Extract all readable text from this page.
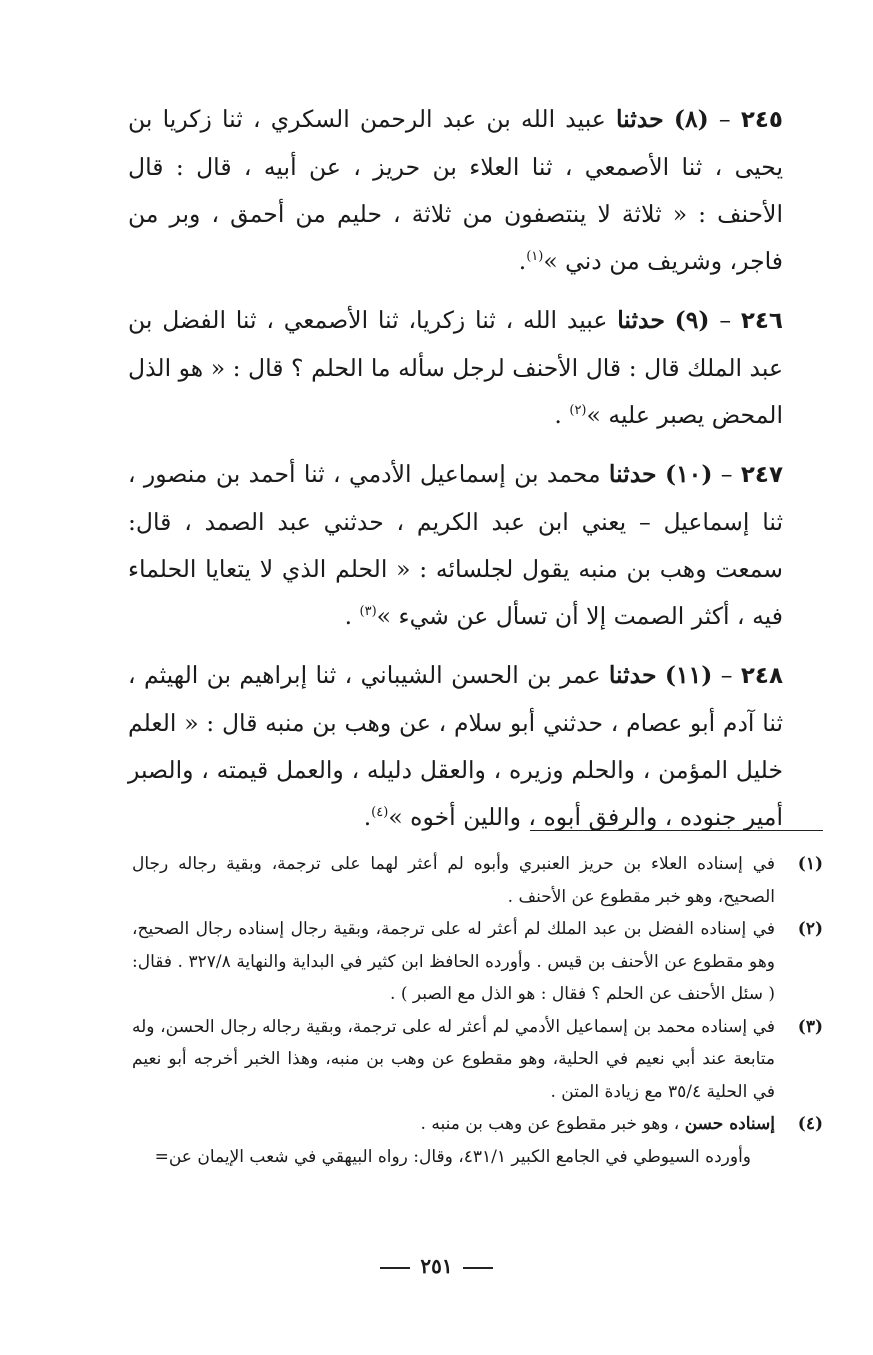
٢٤٥ – (٨) حدثنا عبيد الله بن عبد الرحمن السكري ، ثنا زكريا بن يحيى ، ثنا الأصمعي ، ثنا العلاء بن حريز ، عن أبيه ، قال : قال الأحنف : « ثلاثة لا ينتصفون من ثلاثة ، حليم من أحمق ، وبر من فاجر، وشريف من دني »$^{(١)}$.

٢٤٦ – (٩) حدثنا عبيد الله ، ثنا زكريا، ثنا الأصمعي ، ثنا الفضل بن عبد الملك قال : قال الأحنف لرجل سأله ما الحلم ؟ قال : « هو الذل المحض يصبر عليه »$^{(٢)}$ .

٢٤٧ – (١٠) حدثنا محمد بن إسماعيل الأدمي ، ثنا أحمد بن منصور ، ثنا إسماعيل – يعني ابن عبد الكريم ، حدثني عبد الصمد ، قال: سمعت وهب بن منبه يقول لجلسائه : « الحلم الذي لا يتعايا الحلماء فيه ، أكثر الصمت إلا أن تسأل عن شيء »$^{(٣)}$ .

٢٤٨ – (١١) حدثنا عمر بن الحسن الشيباني ، ثنا إبراهيم بن الهيثم ، ثنا آدم أبو عصام ، حدثني أبو سلام ، عن وهب بن منبه قال : « العلم خليل المؤمن ، والحلم وزيره ، والعقل دليله ، والعمل قيمته ، والصبر أمير جنوده ، والرفق أبوه ، واللين أخوه »$^{(٤)}$.

(١)
في إسناده العلاء بن حريز العنبري وأبوه لم أعثر لهما على ترجمة، وبقية رجاله رجال الصحيح، وهو خبر مقطوع عن الأحنف .
(٢)
في إسناده الفضل بن عبد الملك لم أعثر له على ترجمة، وبقية رجال إسناده رجال الصحيح، وهو مقطوع عن الأحنف بن قيس . وأورده الحافظ ابن كثير في البداية والنهاية ٣٢٧/٨ . فقال: ( سئل الأحنف عن الحلم ؟ فقال : هو الذل مع الصبر ) .
(٣)
في إسناده محمد بن إسماعيل الأدمي لم أعثر له على ترجمة، وبقية رجاله رجال الحسن، وله متابعة عند أبي نعيم في الحلية، وهو مقطوع عن وهب بن منبه، وهذا الخبر أخرجه أبو نعيم في الحلية ٣٥/٤ مع زيادة المتن .
(٤)
إسناده حسن ، وهو خبر مقطوع عن وهب بن منبه .
وأورده السيوطي في الجامع الكبير ٤٣١/١، وقال: رواه البيهقي في شعب الإيمان عن=
٢٥١
